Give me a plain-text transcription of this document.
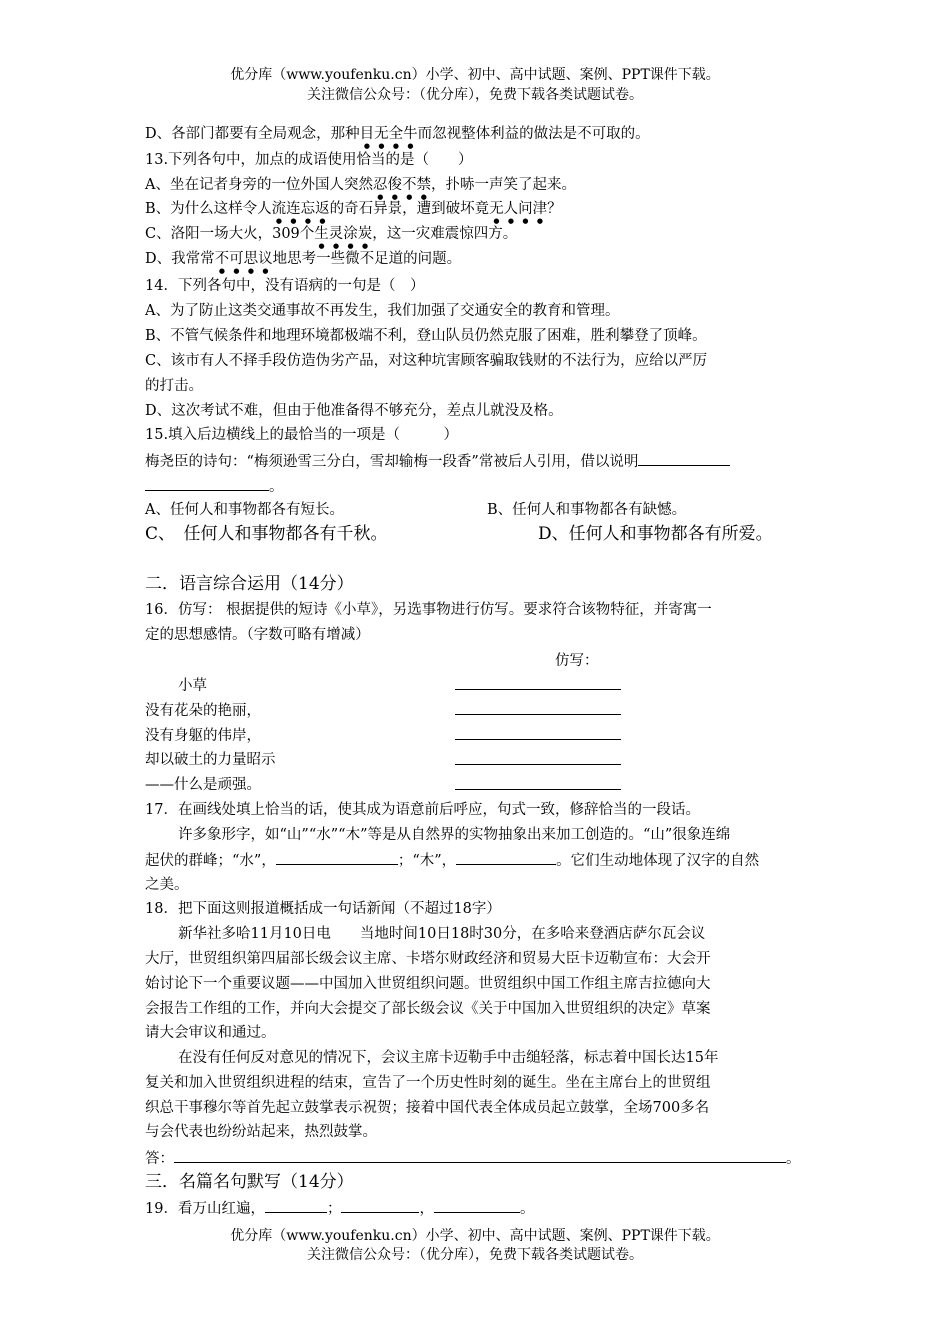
优分库（www.youfenku.cn）小学、初中、高中试题、案例、PPT课件下载。
关注微信公众号：（优分库），免费下载各类试题试卷。
D、各部门都要有全局观念，那种目无全牛而忽视整体利益的做法是不可取的。
13.下列各句中，加点的成语使用恰当的是（　　）
A、坐在记者身旁的一位外国人突然忍俊不禁，扑哧一声笑了起来。
B、为什么这样令人流连忘返的奇石异景，遭到破坏竟无人问津？
C、洛阳一场大火，309个生灵涂炭，这一灾难震惊四方。
D、我常常不可思议地思考一些微不足道的问题。
14．下列各句中，没有语病的一句是（　）
A、为了防止这类交通事故不再发生，我们加强了交通安全的教育和管理。
B、不管气候条件和地理环境都极端不利，登山队员仍然克服了困难，胜利攀登了顶峰。
C、该市有人不择手段仿造伪劣产品，对这种坑害顾客骗取钱财的不法行为，应给以严厉
的打击。
D、这次考试不难，但由于他准备得不够充分，差点儿就没及格。
15.填入后边横线上的最恰当的一项是（　　　）
梅尧臣的诗句：“梅须逊雪三分白，雪却输梅一段香”常被后人引用，借以说明
。
A、任何人和事物都各有短长。	B、任何人和事物都各有缺憾。
C、　任何人和事物都各有千秋。	D、任何人和事物都各有所爱。
二．语言综合运用（14分）
16．仿写： 根据提供的短诗《小草》，另选事物进行仿写。要求符合该物特征，并寄寓一
定的思想感情。（字数可略有增减）
仿写：
小草
没有花朵的艳丽，
没有身躯的伟岸，
却以破土的力量昭示
——什么是顽强。
17．在画线处填上恰当的话，使其成为语意前后呼应，句式一致，修辞恰当的一段话。
许多象形字，如“山”“水”“木”等是从自然界的实物抽象出来加工创造的。“山”很象连绵
起伏的群峰；“水”，	；“木”，	。它们生动地体现了汉字的自然
之美。
18．把下面这则报道概括成一句话新闻（不超过18字）
新华社多哈11月10日电　　当地时间10日18时30分，在多哈来登酒店萨尔瓦会议
大厅，世贸组织第四届部长级会议主席、卡塔尔财政经济和贸易大臣卡迈勒宣布：大会开
始讨论下一个重要议题——中国加入世贸组织问题。世贸组织中国工作组主席吉拉德向大
会报告工作组的工作，并向大会提交了部长级会议《关于中国加入世贸组织的决定》草案
请大会审议和通过。
在没有任何反对意见的情况下，会议主席卡迈勒手中击缒轻落，标志着中国长达15年
复关和加入世贸组织进程的结束，宣告了一个历史性时刻的诞生。坐在主席台上的世贸组
织总干事穆尔等首先起立鼓掌表示祝贺；接着中国代表全体成员起立鼓掌，全场700多名
与会代表也纷纷站起来，热烈鼓掌。
答：	。
三．名篇名句默写（14分）
19．看万山红遍，	；	，	。
优分库（www.youfenku.cn）小学、初中、高中试题、案例、PPT课件下载。
关注微信公众号：（优分库），免费下载各类试题试卷。
